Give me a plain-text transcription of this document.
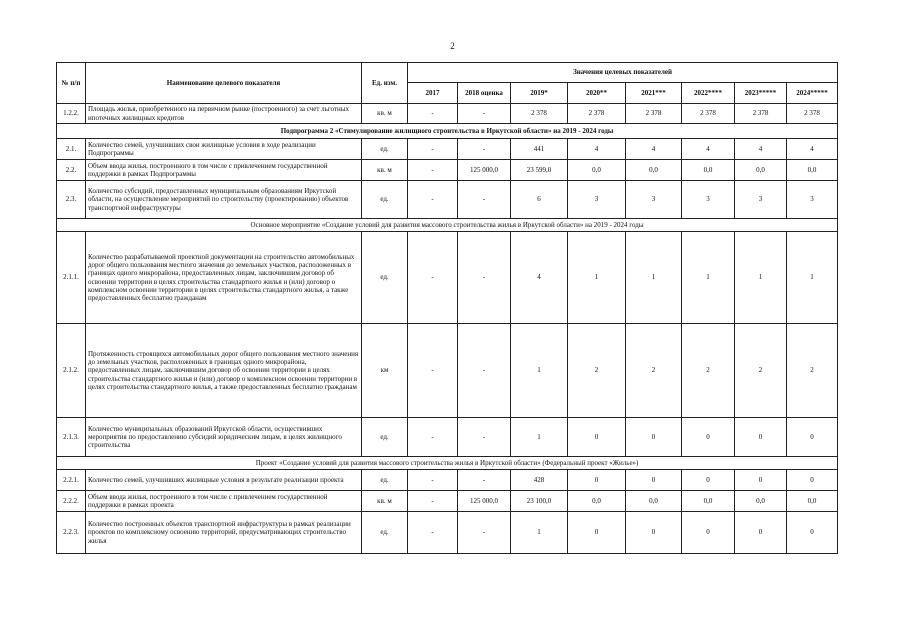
2
№ п/п	Наименование целевого показателя	Ед. изм.	Значения целевых показателей							
			2017	2018 оценка	2019*	2020**	2021***	2022****	2023*****	2024*****
1.2.2.	Площадь жилья, приобретенного на первичном рынке (построенного) за счет льготных ипотечных жилищных кредитов	кв. м	-	-	2 378	2 378	2 378	2 378	2 378	2 378
Подпрограмма 2 «Стимулирование жилищного строительства в Иркутской области» на 2019 - 2024 годы										
2.1.	Количество семей, улучшивших свои жилищные условия в ходе реализации Подпрограммы	ед.	-	-	441	4	4	4	4	4
2.2.	Объем ввода жилья, построенного в том числе с привлечением государственной поддержки в рамках Подпрограммы	кв. м	-	125 000,0	23 599,0	0,0	0,0	0,0	0,0	0,0
2.3.	Количество субсидий, предоставленных муниципальным образованиям Иркутской области, на осуществление мероприятий по строительству (проектированию) объектов транспортной инфраструктуры	ед.	-	-	6	3	3	3	3	3
Основное мероприятие «Создание условий для развития массового строительства жилья в Иркутской области» на 2019 - 2024 годы										
2.1.1.	Количество разрабатываемой проектной документации на строительство автомобильных дорог общего пользования местного значения до земельных участков, расположенных в границах одного микрорайона, предоставленных лицам, заключившим договор об освоении территории в целях строительства стандартного жилья и (или) договор о комплексном освоении территории в целях строительства стандартного жилья, а также предоставленных бесплатно гражданам	ед.	-	-	4	1	1	1	1	1
2.1.2.	Протяженность строящихся автомобильных дорог общего пользования местного значения до земельных участков, расположенных в границах одного микрорайона, предоставленных лицам, заключившим договор об освоении территории в целях строительства стандартного жилья и (или) договор о комплексном освоении территории в целях строительства стандартного жилья, а также предоставленных бесплатно гражданам	км	-	-	1	2	2	2	2	2
2.1.3.	Количество муниципальных образований Иркутской области, осуществивших мероприятия по предоставлению субсидий юридическим лицам, в целях жилищного строительства	ед.	-	-	1	0	0	0	0	0
Проект «Создание условий для развития массового строительства жилья в Иркутской области» (Федеральный проект «Жилье»)										
2.2.1.	Количество семей, улучшивших жилищные условия в результате реализации проекта	ед.	-	-	428	0	0	0	0	0
2.2.2.	Объем ввода жилья, построенного в том числе с привлечением государственной поддержки в рамках проекта	кв. м	-	125 000,0	23 100,0	0,0	0,0	0,0	0,0	0,0
2.2.3.	Количество построенных объектов транспортной инфраструктуры в рамках реализации проектов по комплексному освоению территорий, предусматривающих строительство жилья	ед.	-	-	1	0	0	0	0	0
